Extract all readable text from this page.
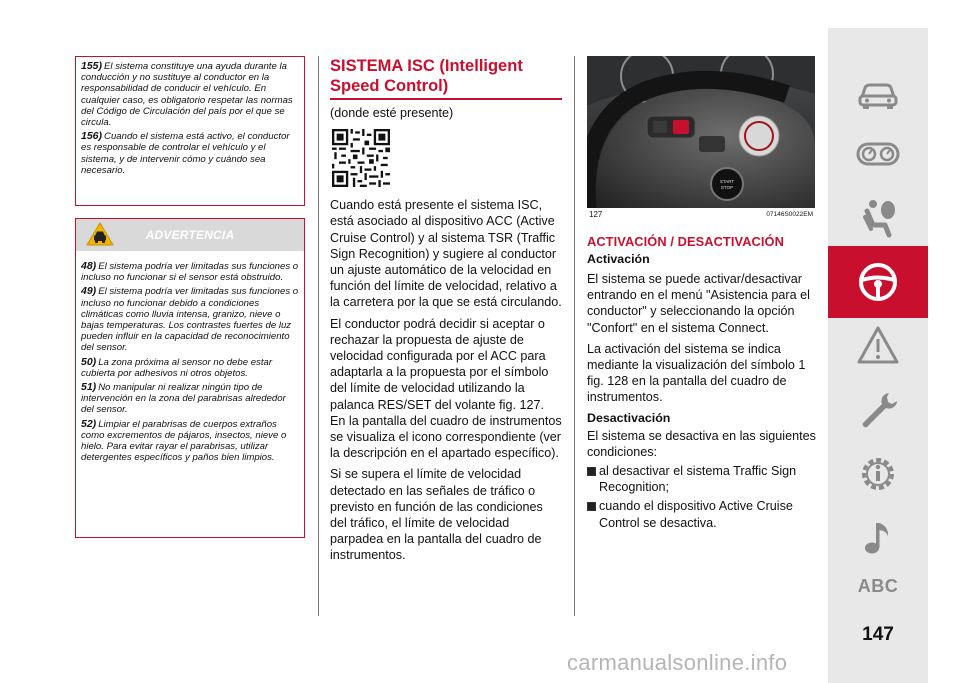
155) El sistema constituye una ayuda durante la conducción y no sustituye al conductor en la responsabilidad de conducir el vehículo. En cualquier caso, es obligatorio respetar las normas del Código de Circulación del país por el que se circula.

156) Cuando el sistema está activo, el conductor es responsable de controlar el vehículo y el sistema, y de intervenir cómo y cuándo sea necesario.

ADVERTENCIA

48) El sistema podría ver limitadas sus funciones o incluso no funcionar si el sensor está obstruido.

49) El sistema podría ver limitadas sus funciones o incluso no funcionar debido a condiciones climáticas como lluvia intensa, granizo, nieve o bajas temperaturas. Los contrastes fuertes de luz pueden influir en la capacidad de reconocimiento del sensor.

50) La zona próxima al sensor no debe estar cubierta por adhesivos ni otros objetos.

51) No manipular ni realizar ningún tipo de intervención en la zona del parabrisas alrededor del sensor.

52) Limpiar el parabrisas de cuerpos extraños como excrementos de pájaros, insectos, nieve o hielo. Para evitar rayar el parabrisas, utilizar detergentes específicos y paños bien limpios.

SISTEMA ISC (Intelligent Speed Control)

(donde esté presente)

Cuando está presente el sistema ISC, está asociado al dispositivo ACC (Active Cruise Control) y al sistema TSR (Traffic Sign Recognition) y sugiere al conductor un ajuste automático de la velocidad en función del límite de velocidad, relativo a la carretera por la que se está circulando.

El conductor podrá decidir si aceptar o rechazar la propuesta de ajuste de velocidad configurada por el ACC para adaptarla a la propuesta por el símbolo del límite de velocidad utilizando la palanca RES/SET del volante fig. 127. En la pantalla del cuadro de instrumentos se visualiza el icono correspondiente (ver la descripción en el apartado específico).

Si se supera el límite de velocidad detectado en las señales de tráfico o previsto en función de las condiciones del tráfico, el límite de velocidad parpadea en la pantalla del cuadro de instrumentos.

START
STOP
127	07146S0022EM
ACTIVACIÓN / DESACTIVACIÓN

Activación

El sistema se puede activar/desactivar entrando en el menú "Asistencia para el conductor" y seleccionando la opción "Confort" en el sistema Connect.

La activación del sistema se indica mediante la visualización del símbolo 1 fig. 128 en la pantalla del cuadro de instrumentos.

Desactivación

El sistema se desactiva en las siguientes condiciones:

al desactivar el sistema Traffic Sign Recognition;

cuando el dispositivo Active Cruise Control se desactiva.

ABC
147
carmanualsonline.info
